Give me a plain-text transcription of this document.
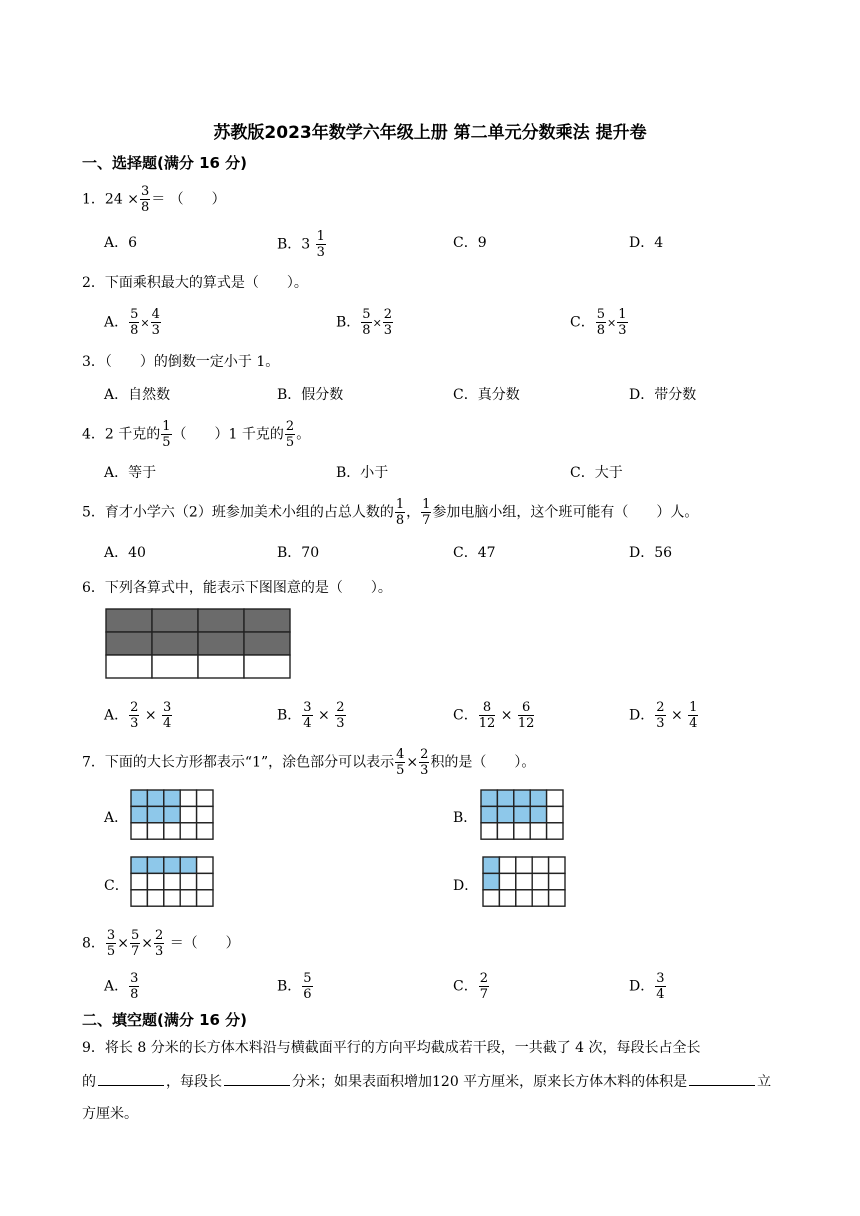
苏教版2023年数学六年级上册 第二单元分数乘法 提升卷
一、选择题(满分 16 分)
1．$24 \times \frac{3}{8}$ ＝ （　　）
A．6	B．$3 \frac{1}{3}$	C．9	D．4
2．下面乘积最大的算式是（　　）。
A． $\frac{5}{8} \times \frac{4}{3}$	B． $\frac{5}{8} \times \frac{2}{3}$	C． $\frac{5}{8} \times \frac{1}{3}$
3．（　　）的倒数一定小于 1。
A．自然数	B．假分数	C．真分数	D．带分数
4．2 千克的 $\frac{1}{5}$ （　　）1 千克的 $\frac{2}{5}$ 。
A．等于	B．小于	C．大于
5．育才小学六（2）班参加美术小组的占总人数的 $\frac{1}{8}$ ， $\frac{1}{7}$ 参加电脑小组，这个班可能有（　　）人。
A．40	B．70	C．47	D．56
6．下列各算式中，能表示下图图意的是（　　）。
A． $\frac{2}{3} \times \frac{3}{4}$	B． $\frac{3}{4} \times \frac{2}{3}$	C． $\frac{8}{12} \times \frac{6}{12}$	D． $\frac{2}{3} \times \frac{1}{4}$
7．下面的大长方形都表示“1”，涂色部分可以表示 $\frac{4}{5} \times \frac{2}{3}$ 积的是（　　）。
A．	B．
C．	D．
8． $\frac{3}{5} \times \frac{5}{7} \times \frac{2}{3}$ ＝（　　）
A． $\frac{3}{8}$	B． $\frac{5}{6}$	C． $\frac{2}{7}$	D． $\frac{3}{4}$
二、填空题(满分 16 分)
9．将长 8 分米的长方体木料沿与横截面平行的方向平均截成若干段，一共截了 4 次，每段长占全长
的	，每段长	分米；如果表面积增加120 平方厘米，原来长方体木料的体积是	立
方厘米。
